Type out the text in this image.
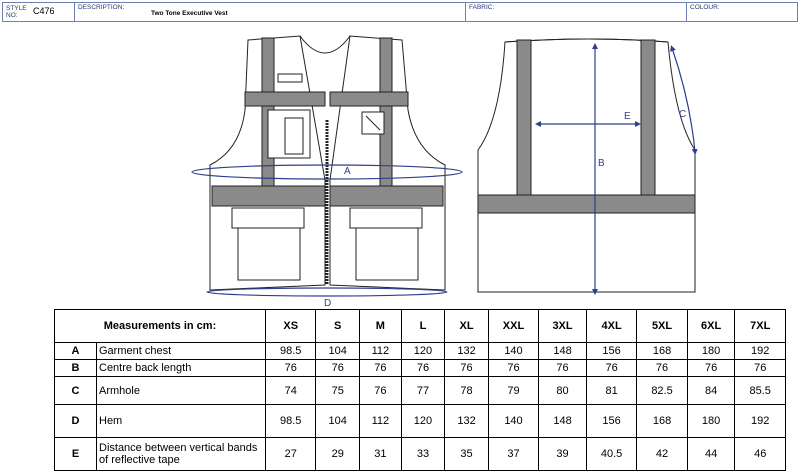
STYLE NO:	C476	DESCRIPTION:
Two Tone Executive Vest
FABRIC:	COLOUR:
A
B
C
D
E
Measurements in cm:		XS	S	M	L	XL	XXL	3XL	4XL	5XL	6XL	7XL
A	Garment chest	98.5	104	112	120	132	140	148	156	168	180	192
B	Centre back length	76	76	76	76	76	76	76	76	76	76	76
C	Armhole	74	75	76	77	78	79	80	81	82.5	84	85.5
D	Hem	98.5	104	112	120	132	140	148	156	168	180	192
E	Distance between vertical bands of reflective tape	27	29	31	33	35	37	39	40.5	42	44	46
